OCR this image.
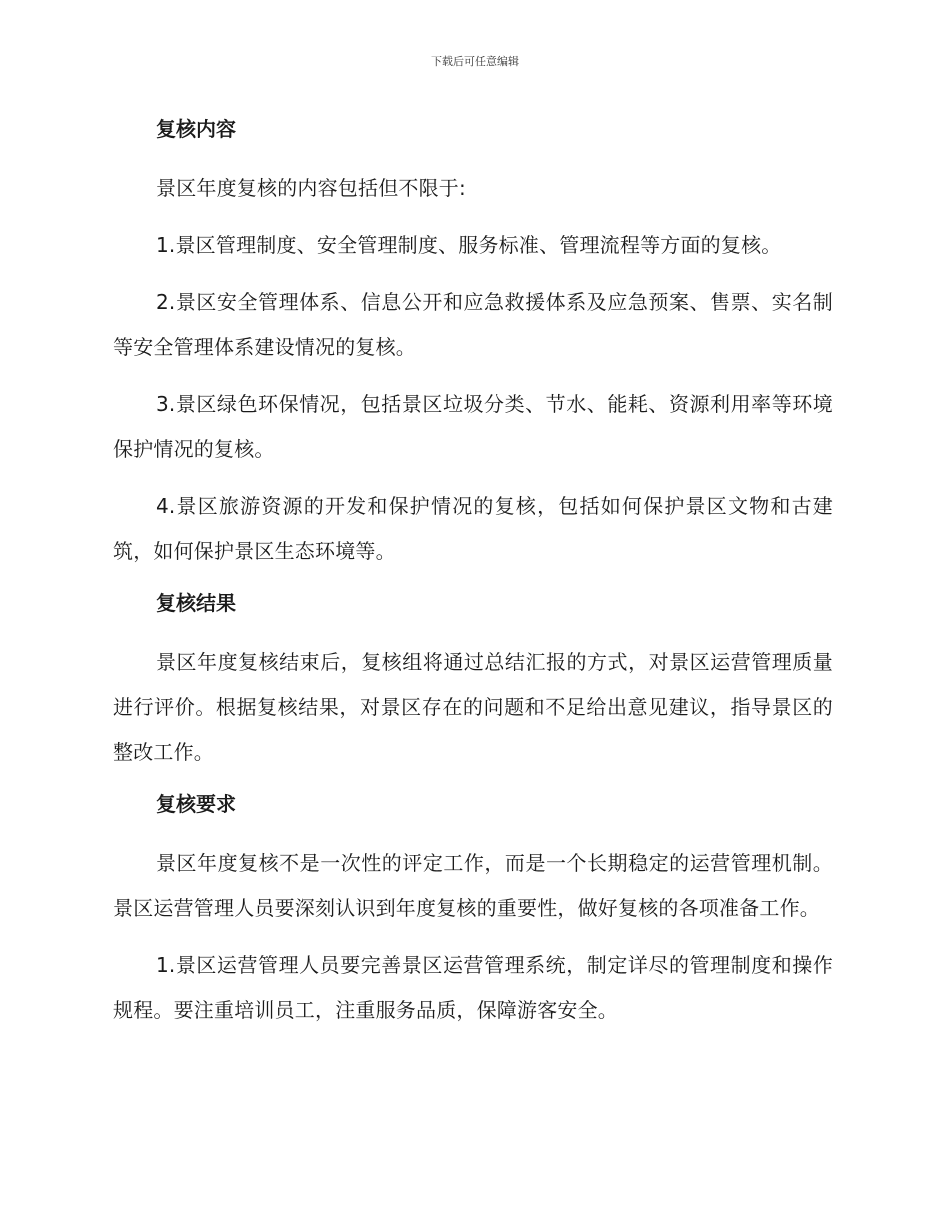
下载后可任意编辑
复核内容

景区年度复核的内容包括但不限于:

1.景区管理制度、安全管理制度、服务标准、管理流程等方面的复核。

2.景区安全管理体系、信息公开和应急救援体系及应急预案、售票、实名制等安全管理体系建设情况的复核。

3.景区绿色环保情况，包括景区垃圾分类、节水、能耗、资源利用率等环境保护情况的复核。

4.景区旅游资源的开发和保护情况的复核，包括如何保护景区文物和古建筑，如何保护景区生态环境等。

复核结果

景区年度复核结束后，复核组将通过总结汇报的方式，对景区运营管理质量进行评价。根据复核结果，对景区存在的问题和不足给出意见建议，指导景区的整改工作。

复核要求

景区年度复核不是一次性的评定工作，而是一个长期稳定的运营管理机制。景区运营管理人员要深刻认识到年度复核的重要性，做好复核的各项准备工作。

1.景区运营管理人员要完善景区运营管理系统，制定详尽的管理制度和操作规程。要注重培训员工，注重服务品质，保障游客安全。
